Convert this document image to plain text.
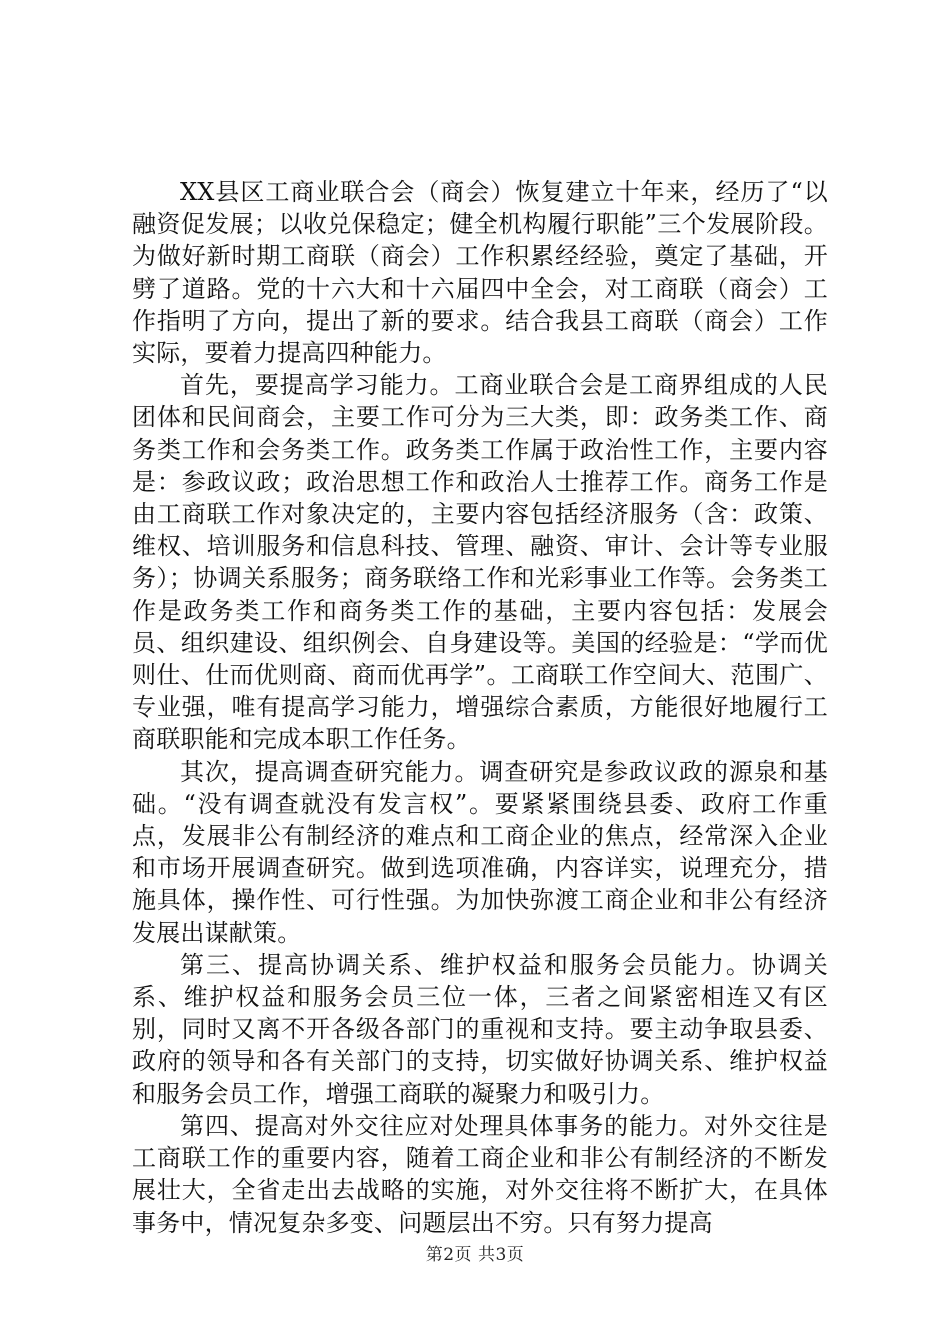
XX县区工商业联合会（商会）恢复建立十年来，经历了“以融资促发展；以收兑保稳定；健全机构履行职能”三个发展阶段。为做好新时期工商联（商会）工作积累经经验，奠定了基础，开劈了道路。党的十六大和十六届四中全会，对工商联（商会）工作指明了方向，提出了新的要求。结合我县工商联（商会）工作实际，要着力提高四种能力。

首先，要提高学习能力。工商业联合会是工商界组成的人民团体和民间商会，主要工作可分为三大类，即：政务类工作、商务类工作和会务类工作。政务类工作属于政治性工作，主要内容是：参政议政；政治思想工作和政治人士推荐工作。商务工作是由工商联工作对象决定的，主要内容包括经济服务（含：政策、维权、培训服务和信息科技、管理、融资、审计、会计等专业服务）；协调关系服务；商务联络工作和光彩事业工作等。会务类工作是政务类工作和商务类工作的基础，主要内容包括：发展会员、组织建设、组织例会、自身建设等。美国的经验是：“学而优则仕、仕而优则商、商而优再学”。工商联工作空间大、范围广、专业强，唯有提高学习能力，增强综合素质，方能很好地履行工商联职能和完成本职工作任务。

其次，提高调查研究能力。调查研究是参政议政的源泉和基础。“没有调查就没有发言权”。要紧紧围绕县委、政府工作重点，发展非公有制经济的难点和工商企业的焦点，经常深入企业和市场开展调查研究。做到选项准确，内容详实，说理充分，措施具体，操作性、可行性强。为加快弥渡工商企业和非公有经济发展出谋献策。

第三、提高协调关系、维护权益和服务会员能力。协调关系、维护权益和服务会员三位一体，三者之间紧密相连又有区别，同时又离不开各级各部门的重视和支持。要主动争取县委、政府的领导和各有关部门的支持，切实做好协调关系、维护权益和服务会员工作，增强工商联的凝聚力和吸引力。

第四、提高对外交往应对处理具体事务的能力。对外交往是工商联工作的重要内容，随着工商企业和非公有制经济的不断发展壮大，全省走出去战略的实施，对外交往将不断扩大，在具体事务中，情况复杂多变、问题层出不穷。只有努力提高

第2页 共3页
